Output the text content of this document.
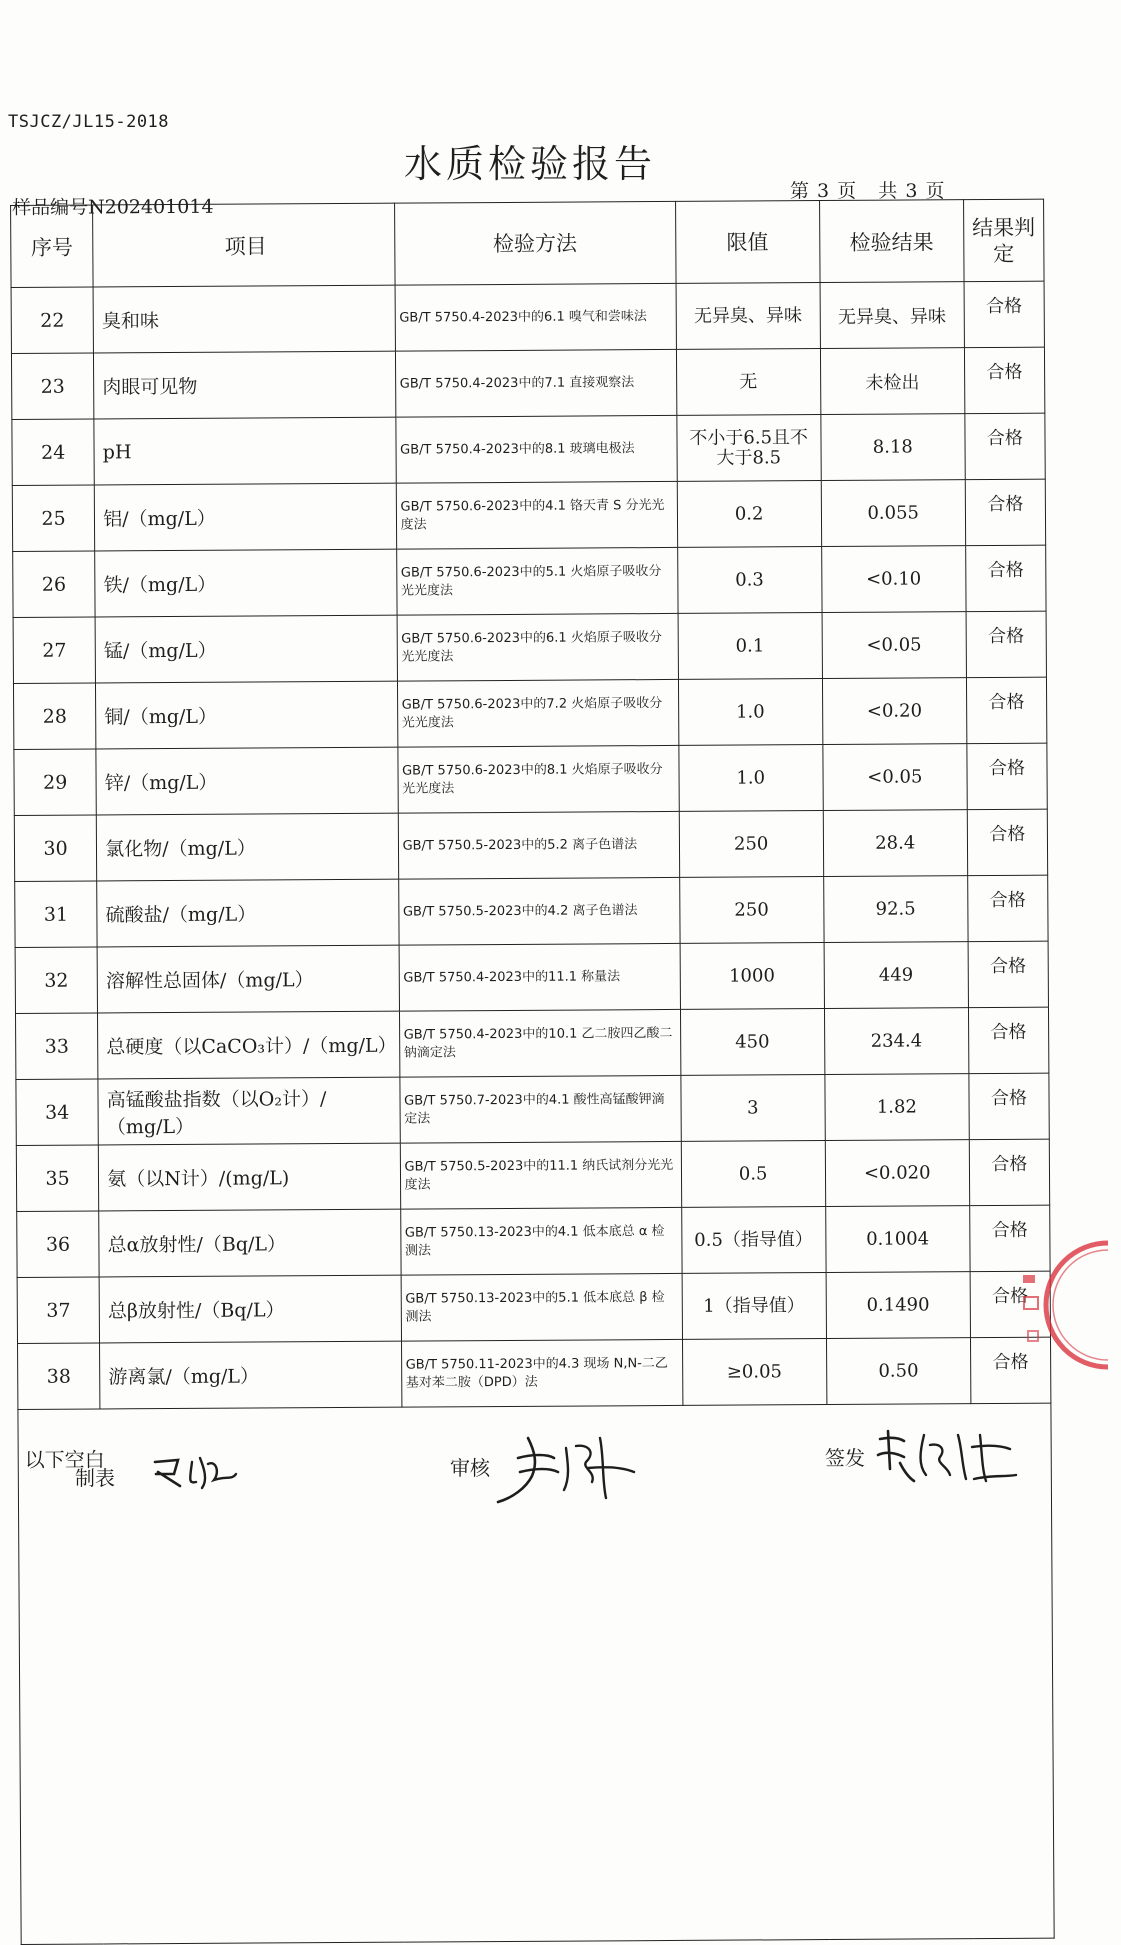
TSJCZ/JL15-2018
水质检验报告
第 3 页   共 3 页
样品编号N202401014
序号	项目	检验方法	限值	检验结果	结果判定
22	臭和味	GB/T 5750.4-2023中的6.1 嗅气和尝味法	无异臭、异味	无异臭、异味	合格
23	肉眼可见物	GB/T 5750.4-2023中的7.1 直接观察法	无	未检出	合格
24	pH	GB/T 5750.4-2023中的8.1 玻璃电极法	不小于6.5且不大于8.5	8.18	合格
25	铝/（mg/L）	GB/T 5750.6-2023中的4.1 铬天青 S 分光光度法	0.2	0.055	合格
26	铁/（mg/L）	GB/T 5750.6-2023中的5.1 火焰原子吸收分光光度法	0.3	<0.10	合格
27	锰/（mg/L）	GB/T 5750.6-2023中的6.1 火焰原子吸收分光光度法	0.1	<0.05	合格
28	铜/（mg/L）	GB/T 5750.6-2023中的7.2 火焰原子吸收分光光度法	1.0	<0.20	合格
29	锌/（mg/L）	GB/T 5750.6-2023中的8.1 火焰原子吸收分光光度法	1.0	<0.05	合格
30	氯化物/（mg/L）	GB/T 5750.5-2023中的5.2 离子色谱法	250	28.4	合格
31	硫酸盐/（mg/L）	GB/T 5750.5-2023中的4.2 离子色谱法	250	92.5	合格
32	溶解性总固体/（mg/L）	GB/T 5750.4-2023中的11.1 称量法	1000	449	合格
33	总硬度（以CaCO₃计）/（mg/L）	GB/T 5750.4-2023中的10.1 乙二胺四乙酸二钠滴定法	450	234.4	合格
34	高锰酸盐指数（以O₂计）/（mg/L）	GB/T 5750.7-2023中的4.1 酸性高锰酸钾滴定法	3	1.82	合格
35	氨（以N计）/(mg/L)	GB/T 5750.5-2023中的11.1 纳氏试剂分光光度法	0.5	<0.020	合格
36	总α放射性/（Bq/L）	GB/T 5750.13-2023中的4.1 低本底总 α 检测法	0.5（指导值）	0.1004	合格
37	总β放射性/（Bq/L）	GB/T 5750.13-2023中的5.1 低本底总 β 检测法	1（指导值）	0.1490	合格
38	游离氯/（mg/L）	GB/T 5750.11-2023中的4.3 现场 N,N-二乙基对苯二胺（DPD）法	≥0.05	0.50	合格
以下空白					
制表	审核	签发
